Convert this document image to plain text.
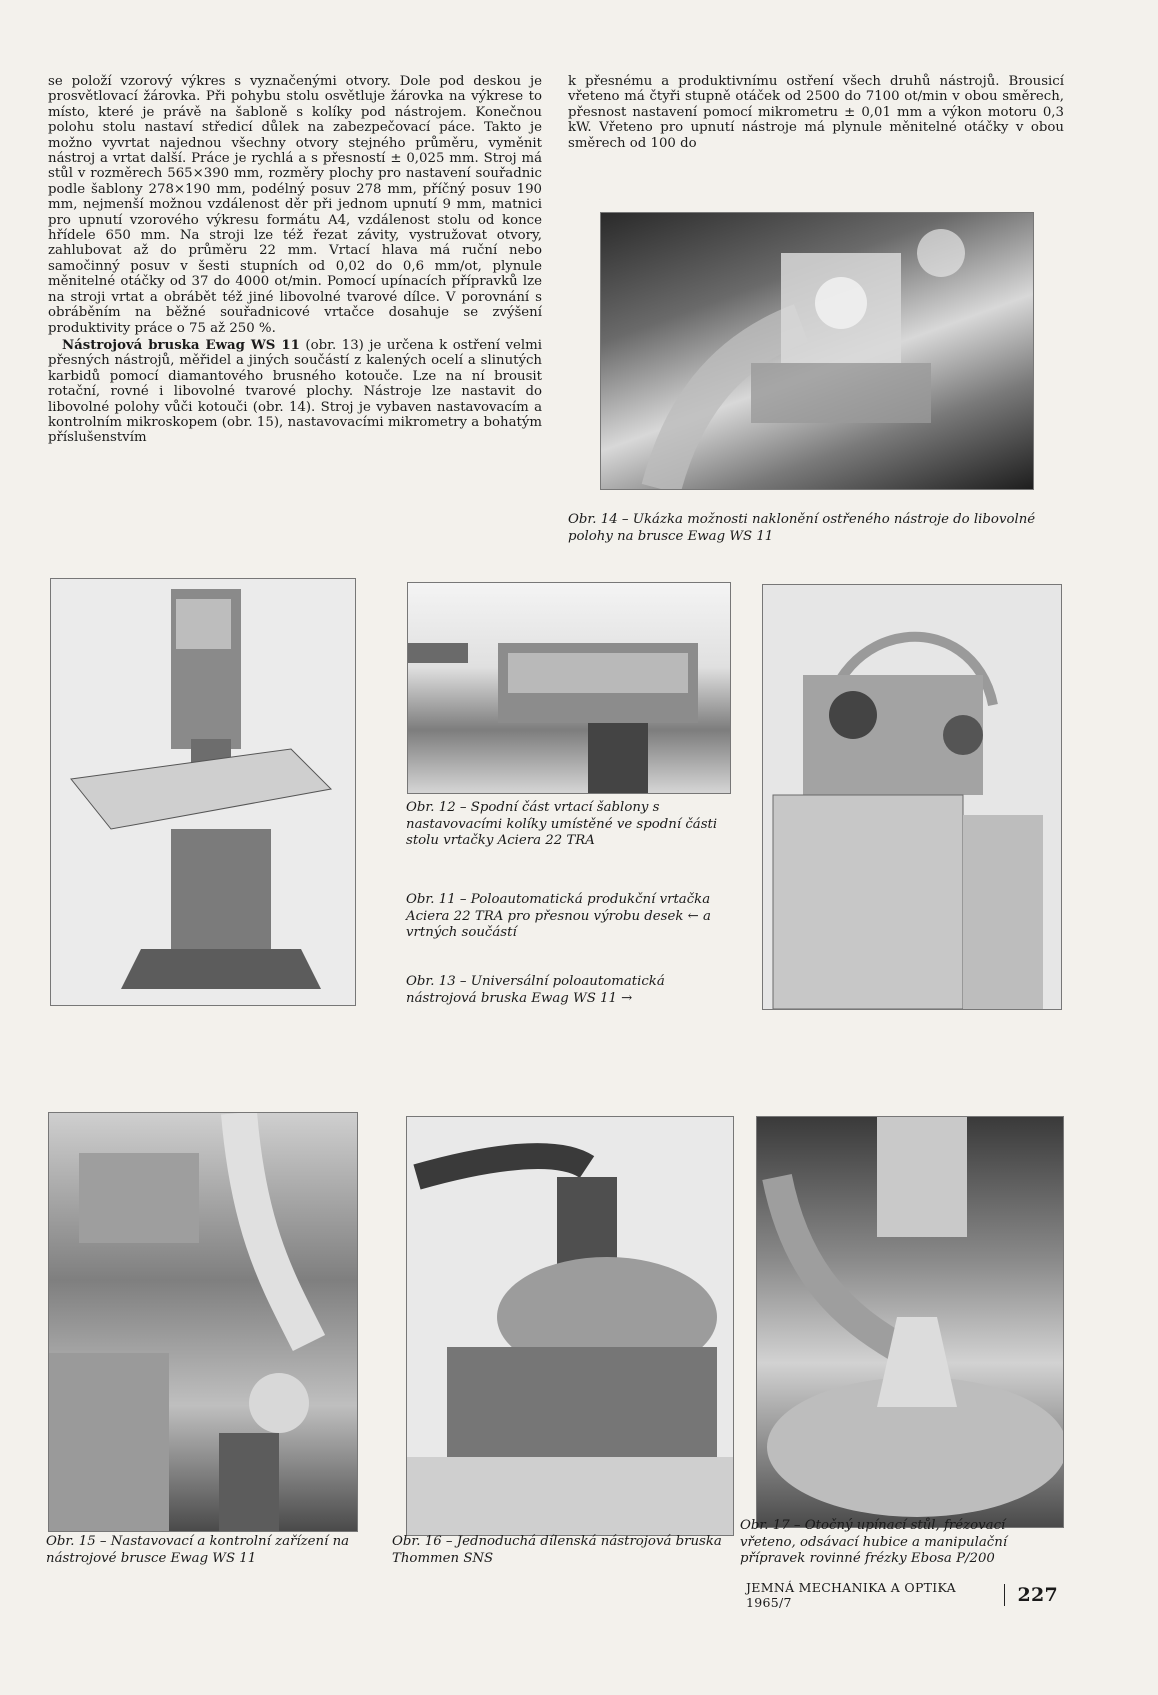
se položí vzorový výkres s vyznačenými otvory. Dole pod deskou je prosvětlovací žárovka. Při pohybu stolu osvětluje žárovka na výkrese to místo, které je právě na šabloně s kolíky pod nástrojem. Konečnou polohu stolu nastaví středicí důlek na zabezpečovací páce. Takto je možno vyvrtat najednou všechny otvory stejného průměru, vyměnit nástroj a vrtat další. Práce je rychlá a s přesností ± 0,025 mm. Stroj má stůl v rozměrech 565×390 mm, rozměry plochy pro nastavení souřadnic podle šablony 278×190 mm, podélný posuv 278 mm, příčný posuv 190 mm, nejmenší možnou vzdálenost děr při jednom upnutí 9 mm, matnici pro upnutí vzorového výkresu formátu A4, vzdálenost stolu od konce hřídele 650 mm. Na stroji lze též řezat závity, vystružovat otvory, zahlubovat až do průměru 22 mm. Vrtací hlava má ruční nebo samočinný posuv v šesti stupních od 0,02 do 0,6 mm/ot, plynule měnitelné otáčky od 37 do 4000 ot/min. Pomocí upínacích přípravků lze na stroji vrtat a obrábět též jiné libovolné tvarové dílce. V porovnání s obráběním na běžné souřadnicové vrtačce dosahuje se zvýšení produktivity práce o 75 až 250 %.

Nástrojová bruska Ewag WS 11 (obr. 13) je určena k ostření velmi přesných nástrojů, měřidel a jiných součástí z kalených ocelí a slinutých karbidů pomocí diamantového brusného kotouče. Lze na ní brousit rotační, rovné i libovolné tvarové plochy. Nástroje lze nastavit do libovolné polohy vůči kotouči (obr. 14). Stroj je vybaven nastavovacím a kontrolním mikroskopem (obr. 15), nastavovacími mikrometry a bohatým příslušenstvím

k přesnému a produktivnímu ostření všech druhů nástrojů. Brousicí vřeteno má čtyři stupně otáček od 2500 do 7100 ot/min v obou směrech, přesnost nastavení pomocí mikrometru ± 0,01 mm a výkon motoru 0,3 kW. Vřeteno pro upnutí nástroje má plynule měnitelné otáčky v obou směrech od 100 do

Obr. 14 – Ukázka možnosti naklonění ostřeného nástroje do libovolné polohy na brusce Ewag WS 11
Obr. 12 – Spodní část vrtací šablony s nastavovacími kolíky umístěné ve spodní části stolu vrtačky Aciera 22 TRA
Obr. 11 – Poloautomatická produkční vrtačka Aciera 22 TRA pro přesnou výrobu desek ← a vrtných součástí
Obr. 13 – Universální poloautomatická nástrojová bruska Ewag WS 11 →
Obr. 15 – Nastavovací a kontrolní zařízení na nástrojové brusce Ewag WS 11
Obr. 16 – Jednoduchá dílenská nástrojová bruska Thommen SNS
Obr. 17 – Otočný upínací stůl, frézovací vřeteno, odsávací hubice a manipulační přípravek rovinné frézky Ebosa P/200
JEMNÁ MECHANIKA A OPTIKA 1965/7	227
